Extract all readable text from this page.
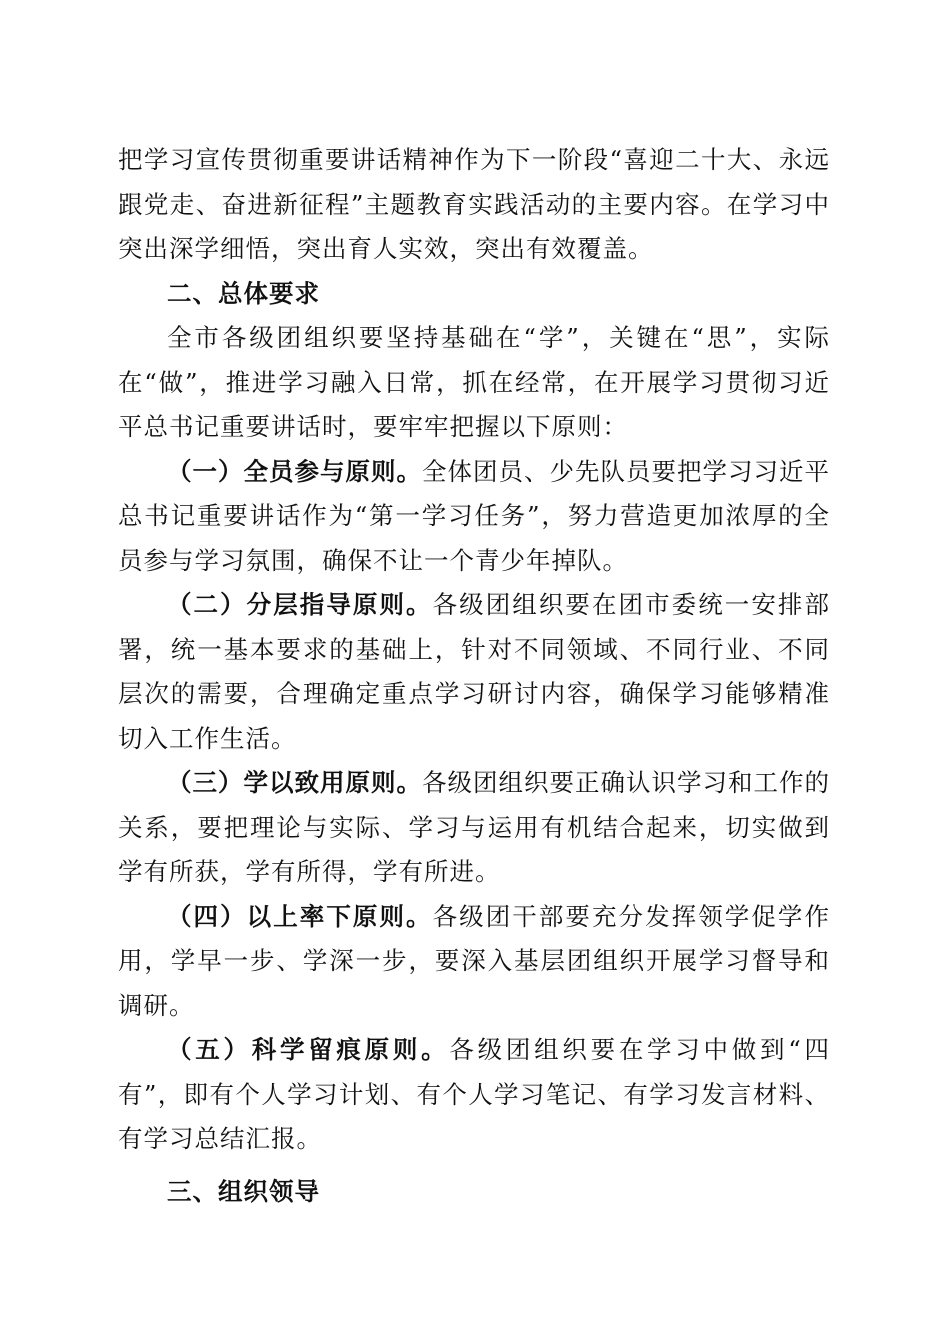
把学习宣传贯彻重要讲话精神作为下一阶段“喜迎二十大、永远跟党走、奋进新征程”主题教育实践活动的主要内容。在学习中突出深学细悟，突出育人实效，突出有效覆盖。

二、总体要求

全市各级团组织要坚持基础在“学”，关键在“思”，实际在“做”，推进学习融入日常，抓在经常，在开展学习贯彻习近平总书记重要讲话时，要牢牢把握以下原则：

（一）全员参与原则。全体团员、少先队员要把学习习近平总书记重要讲话作为“第一学习任务”，努力营造更加浓厚的全员参与学习氛围，确保不让一个青少年掉队。

（二）分层指导原则。各级团组织要在团市委统一安排部署，统一基本要求的基础上，针对不同领域、不同行业、不同层次的需要，合理确定重点学习研讨内容，确保学习能够精准切入工作生活。

（三）学以致用原则。各级团组织要正确认识学习和工作的关系，要把理论与实际、学习与运用有机结合起来，切实做到学有所获，学有所得，学有所进。

（四）以上率下原则。各级团干部要充分发挥领学促学作用，学早一步、学深一步，要深入基层团组织开展学习督导和调研。

（五）科学留痕原则。各级团组织要在学习中做到“四有”，即有个人学习计划、有个人学习笔记、有学习发言材料、有学习总结汇报。

三、组织领导
